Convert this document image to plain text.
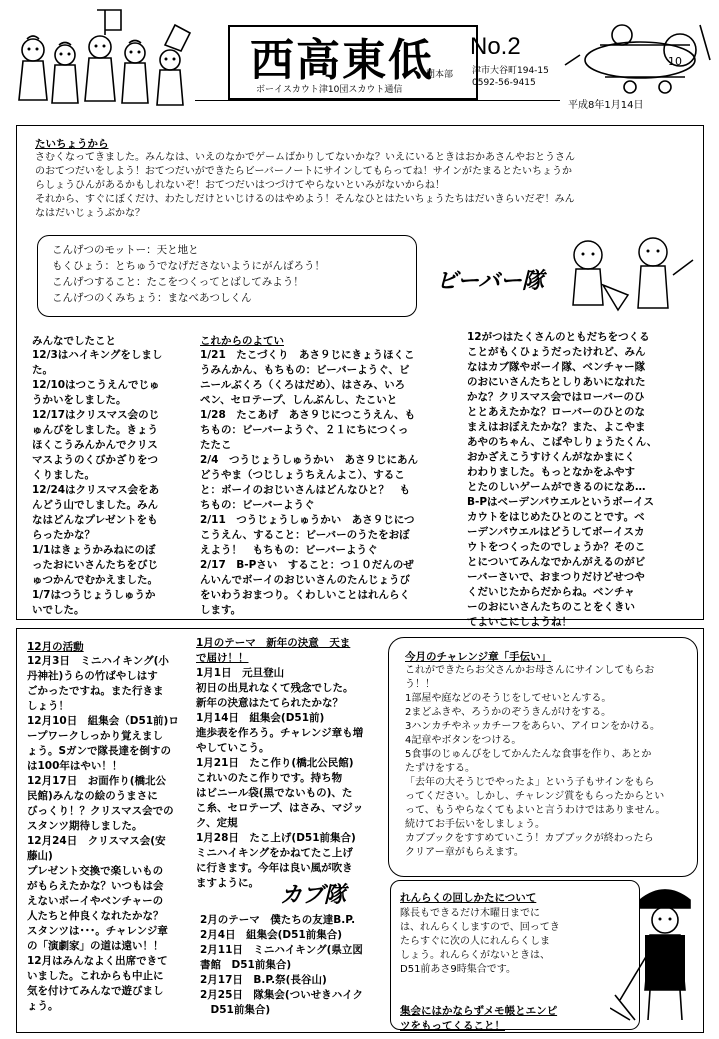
西高東低 No.2
団本部 津市大谷町194-15
0592-56-9415
ボーイスカウト津10団スカウト通信
10
平成8年1月14日
たいちょうから
さむくなってきました。みんなは、いえのなかでゲームばかりしてないかな？いえにいるときはおかあさんやおとうさん
のおてつだいをしよう！おてつだいができたらビーバーノートにサインしてもらってね！サインがたまるとたいちょうか
らしょうひんがあるかもしれないぞ！おてつだいはつづけてやらないといみがないからね！
それから、すぐにぼくだけ、わたしだけといじけるのはやめよう！そんなひとはたいちょうたちはだいきらいだぞ！みん
なはだいじょうぶかな？
こんげつのモットー：天と地と
もくひょう：とちゅうでなげださないようにがんばろう！
こんげつすること：たこをつくってとばしてみよう！
こんげつのくみちょう：まなべあつしくん
ビーバー隊
みんなでしたこと
12/3はハイキングをしまし
た。
12/10はつこうえんでじゅ
うかいをしました。
12/17はクリスマス会のじ
ゅんびをしました。きょう
ほくこうみんかんでクリス
マスようのくびかざりをつ
くりました。
12/24はクリスマス会をあ
んどう山でしました。みん
なはどんなプレゼントをも
らったかな？
1/1はきょうかみねにのぼ
ったおにいさんたちをびじ
ゅつかんでむかえました。
1/7はつうじょうしゅうか
いでした。
これからのよてい
1/21　たこづくり　あさ９じにきょうほくこ
うみんかん、もちもの：ビーバーようぐ、ビ
ニールぶくろ（くろはだめ）、はさみ、いろ
ペン、セロテープ、しんぶんし、たこいと
1/28　たこあげ　あさ９じにつこうえん、も
ちもの：ビーバーようぐ、２１にちにつくっ
たたこ
2/4　つうじょうしゅうかい　あさ９じにあん
どうやま（つじしょうちえんよこ）、するこ
と：ボーイのおじいさんはどんなひと？　も
ちもの：ビーバーようぐ
2/11　つうじょうしゅうかい　あさ９じにつ
こうえん、すること：ビーバーのうたをおぼ
えよう！　もちもの：ビーバーようぐ
2/17　B-Pさい　すること：つ１０だんのぜ
んいんでボーイのおじいさんのたんじょうび
をいわうおまつり。くわしいことはれんらく
します。
12がつはたくさんのともだちをつくる
ことがもくひょうだったけれど、みん
なはカブ隊やボーイ隊、ベンチャー隊
のおにいさんたちとしりあいになれた
かな？クリスマス会ではローバーのひ
ととあえたかな？ローバーのひとのな
まえはおぼえたかな？また、よこやま
あやのちゃん、こばやしりょうたくん、
おかざえこうすけくんがなかまにく
わわりました。もっとなかをふやす
とたのしいゲームができるのになあ…
B-Pはベーデンパウエルというボーイス
カウトをはじめたひとのことです。ベ
ーデンパウエルはどうしてボーイスカ
ウトをつくったのでしょうか？そのこ
とについてみんなでかんがえるのがビ
ーバーさいで、おまつりだけどせつや
くだいじたからだからね。ベンチャ
ーのおにいさんたちのことをくきい
てよいこにしようね！
12月の活動
12月3日　ミニハイキング(小
丹神社)うらの竹ばやしはす
ごかったですね。また行きま
しょう！
12月10日　組集会（D51前)ロ
ープワークしっかり覚えまし
ょう。Sガンで隊長達を倒すの
は100年はやい！！
12月17日　お面作り(橋北公
民館)みんなの絵のうまさに
びっくり！？クリスマス会での
スタンツ期待しました。
12月24日　クリスマス会(安
藤山)
プレゼント交換で楽しいもの
がもらえたかな？いつもは会
えないボーイやベンチャーの
人たちと仲良くなれたかな？
スタンツは･･･。チャレンジ章
の「演劇家」の道は遠い！！
12月はみんなよく出席できて
いました。これからも中止に
気を付けてみんなで遊びまし
ょう。
1月のテーマ　新年の決意　天ま
で届け！！
1月1日　元旦登山
初日の出見れなくて残念でした。
新年の決意はたてられたかな？
1月14日　組集会(D51前)
進歩表を作ろう。チャレンジ章も増
やしていこう。
1月21日　たこ作り(橋北公民館)
これいのたこ作りです。持ち物
はビニール袋(黒でないもの)、た
こ糸、セロテープ、はさみ、マジッ
ク、定規
1月28日　たこ上げ(D51前集合)
ミニハイキングをかねてたこ上げ
に行きます。今年は良い風が吹き
ますように。 カブ隊
2月のテーマ　僕たちの友達B.P.
2月4日　組集会(D51前集合)
2月11日　ミニハイキング(県立図
書館　D51前集合)
2月17日　B.P.祭(長谷山)
2月25日　隊集会(ついせきハイク
　D51前集合)
今月のチャレンジ章「手伝い」
これができたらお父さんかお母さんにサインしてもらお
う！！
1部屋や庭などのそうじをしてせいとんする。
2まどふきや、ろうかのぞうきんがけをする。
3ハンカチやネッカチーフをあらい、アイロンをかける。
4記章やボタンをつける。
5食事のじゅんびをしてかんたんな食事を作り、あとか
たずけをする。
「去年の大そうじでやったよ」という子もサインをもら
ってください。しかし、チャレンジ賞をもらったからとい
って、もうやらなくてもよいと言うわけではありません。
続けてお手伝いをしましょう。
カブブックをすすめていこう！カブブックが終わったら
クリアー章がもらえます。
れんらくの回しかたについて
隊長もできるだけ木曜日までに
は、れんらくしますので、回ってき
たらすぐに次の人にれんらくしま
しょう。れんらくがないときは、
D51前あさ9時集合です。
集会にはかならずメモ帳とエンピ
ツをもってくること！
